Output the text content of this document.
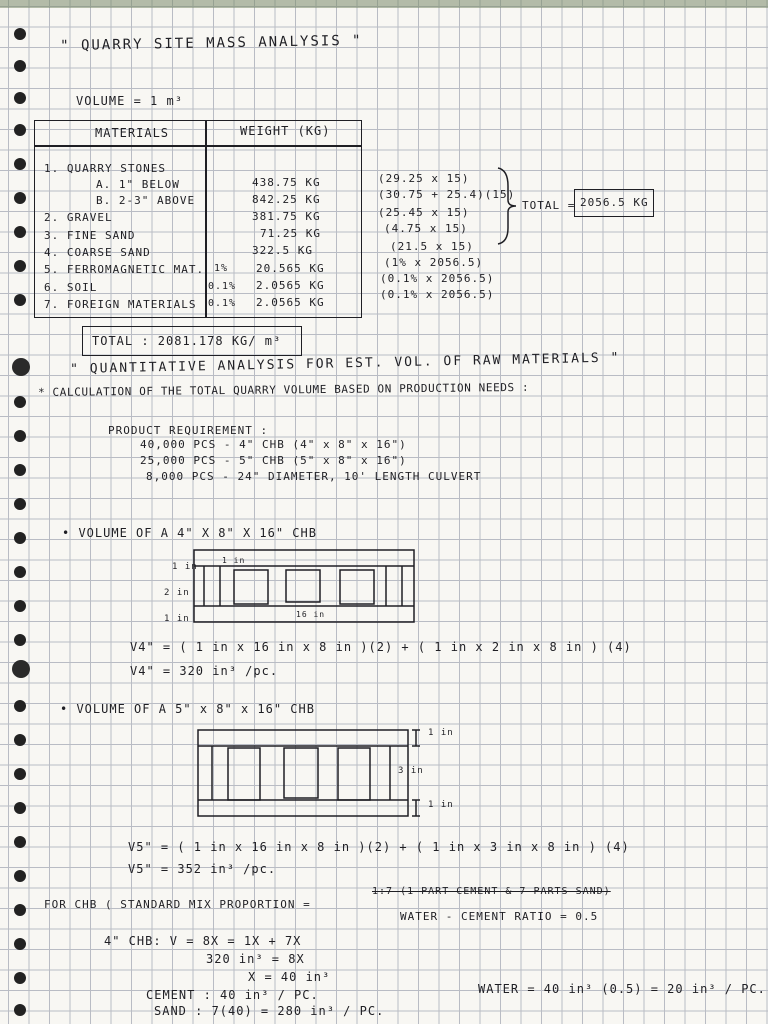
" QUARRY SITE MASS ANALYSIS "
VOLUME = 1 m³
MATERIALS	WEIGHT (KG)
1. QUARRY STONES
A. 1" BELOW
B. 2-3" ABOVE
2. GRAVEL
3. FINE SAND
4. COARSE SAND
5. FERROMAGNETIC MAT.
6. SOIL
7. FOREIGN MATERIALS
1%
0.1%
0.1%
438.75 KG
842.25 KG
381.75 KG
71.25 KG
322.5 KG
20.565 KG
2.0565 KG
2.0565 KG
(29.25 x 15)
(30.75 + 25.4)(15)
(25.45 x 15)
(4.75 x 15)
(21.5 x 15)
(1% x 2056.5)
(0.1% x 2056.5)
(0.1% x 2056.5)
TOTAL = 2056.5 KG
TOTAL : 2081.178 KG/ m³
" QUANTITATIVE ANALYSIS FOR EST. VOL. OF RAW MATERIALS "
* CALCULATION OF THE TOTAL QUARRY VOLUME BASED ON PRODUCTION NEEDS :
PRODUCT REQUIREMENT :
40,000 PCS - 4" CHB (4" x 8" x 16")
25,000 PCS - 5" CHB (5" x 8" x 16")
8,000 PCS - 24" DIAMETER, 10' LENGTH CULVERT
• VOLUME OF A 4" X 8" X 16" CHB
1 in
2 in
1 in
1 in
16 in
V4" = ( 1 in x 16 in x 8 in )(2) + ( 1 in x 2 in x 8 in ) (4)
V4" = 320 in³ /pc.
• VOLUME OF A 5" x 8" x 16" CHB
1 in
3 in
1 in
V5" = ( 1 in x 16 in x 8 in )(2) + ( 1 in x 3 in x 8 in ) (4)
V5" = 352 in³ /pc.
FOR CHB ( STANDARD MIX PROPORTION =
1:7 (1 PART CEMENT & 7 PARTS SAND)
WATER - CEMENT RATIO = 0.5
4" CHB: V = 8X = 1X + 7X
320 in³ = 8X
X = 40 in³
CEMENT : 40 in³ / PC.
SAND : 7(40) = 280 in³ / PC.
WATER = 40 in³ (0.5) = 20 in³ / PC.
